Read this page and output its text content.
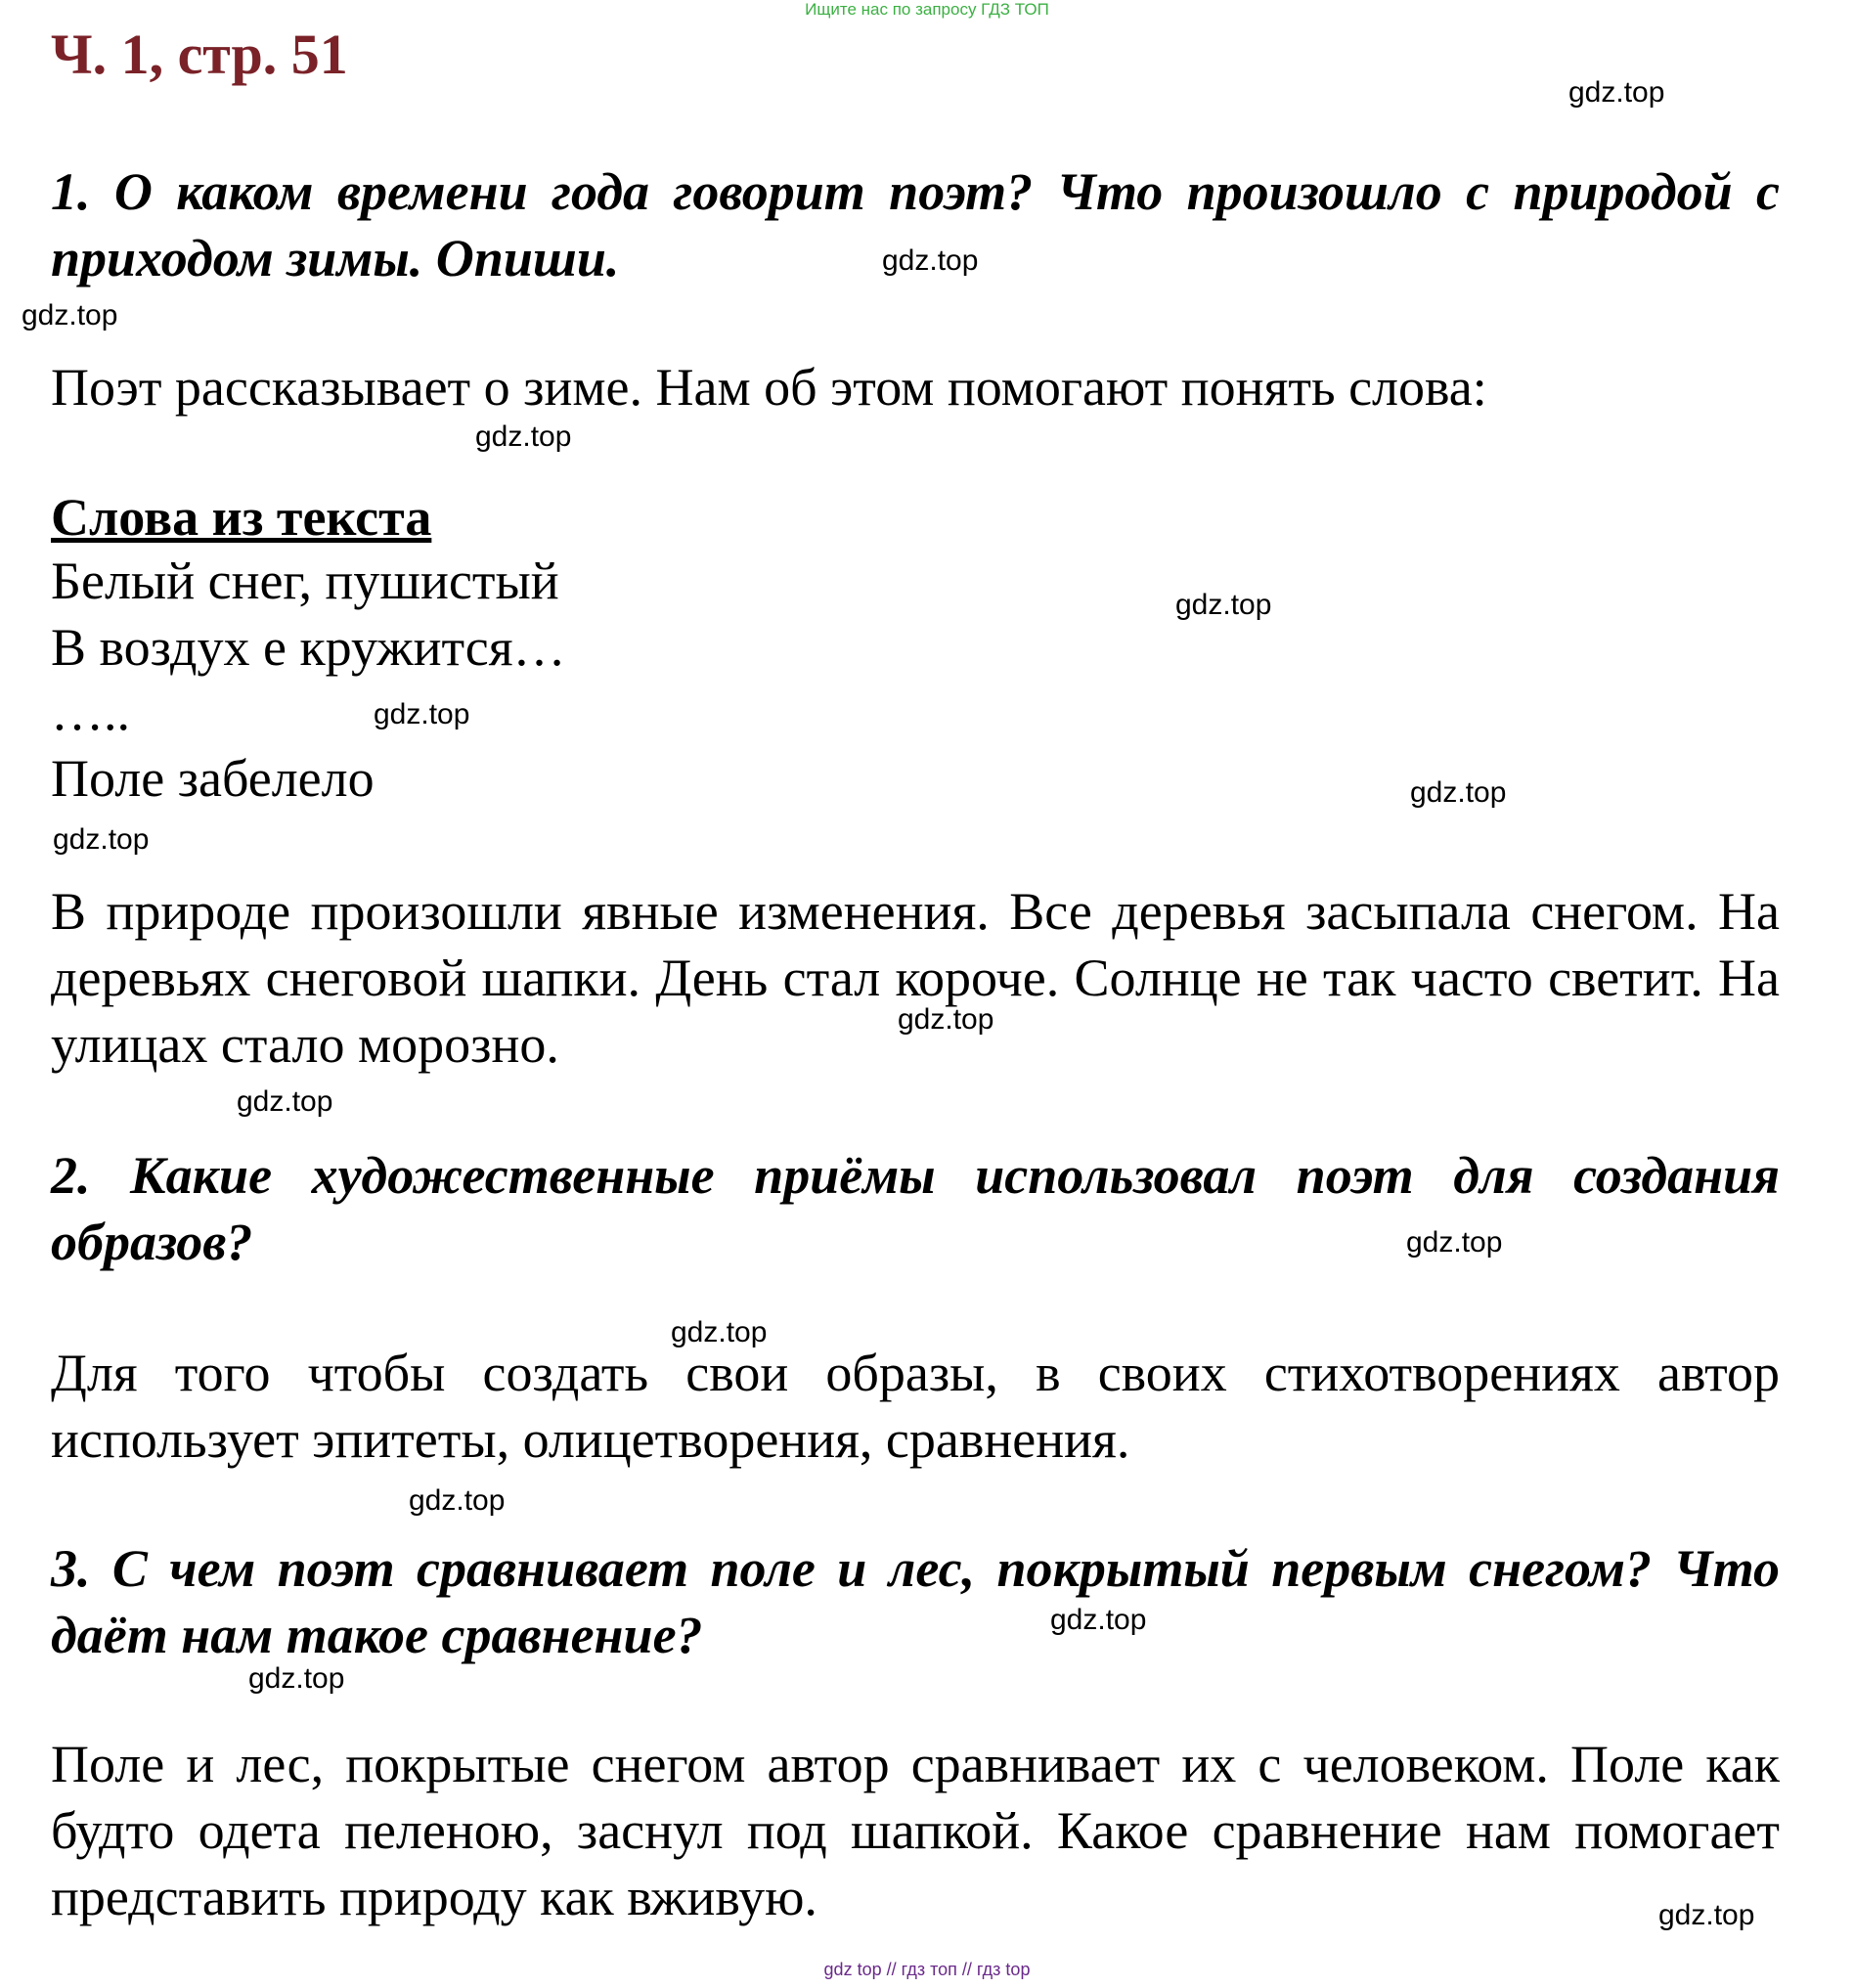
Ищите нас по запросу ГДЗ ТОП
Ч. 1, стр. 51
1. О каком времени года говорит поэт? Что произошло с природой с приходом зимы. Опиши.
Поэт рассказывает о зиме. Нам об этом помогают понять слова:
Слова из текста
Белый снег, пушистый
В воздух е кружится…
…..
Поле забелело
В природе произошли явные изменения. Все деревья засыпала снегом. На деревьях снеговой шапки. День стал короче. Солнце не так часто светит. На улицах стало морозно.
2. Какие художественные приёмы использовал поэт для создания образов?
Для того чтобы создать свои образы, в своих стихотворениях автор использует эпитеты, олицетворения, сравнения.
3. С чем поэт сравнивает поле и лес, покрытый первым снегом? Что даёт нам такое сравнение?
Поле и лес, покрытые снегом автор сравнивает их с человеком. Поле как будто одета пеленою, заснул под шапкой. Какое сравнение нам помогает представить природу как вживую.
gdz.top
gdz.top
gdz.top
gdz.top
gdz.top
gdz.top
gdz.top
gdz.top
gdz.top
gdz.top
gdz.top
gdz.top
gdz.top
gdz.top
gdz.top
gdz.top
gdz top // гдз топ // гдз top
